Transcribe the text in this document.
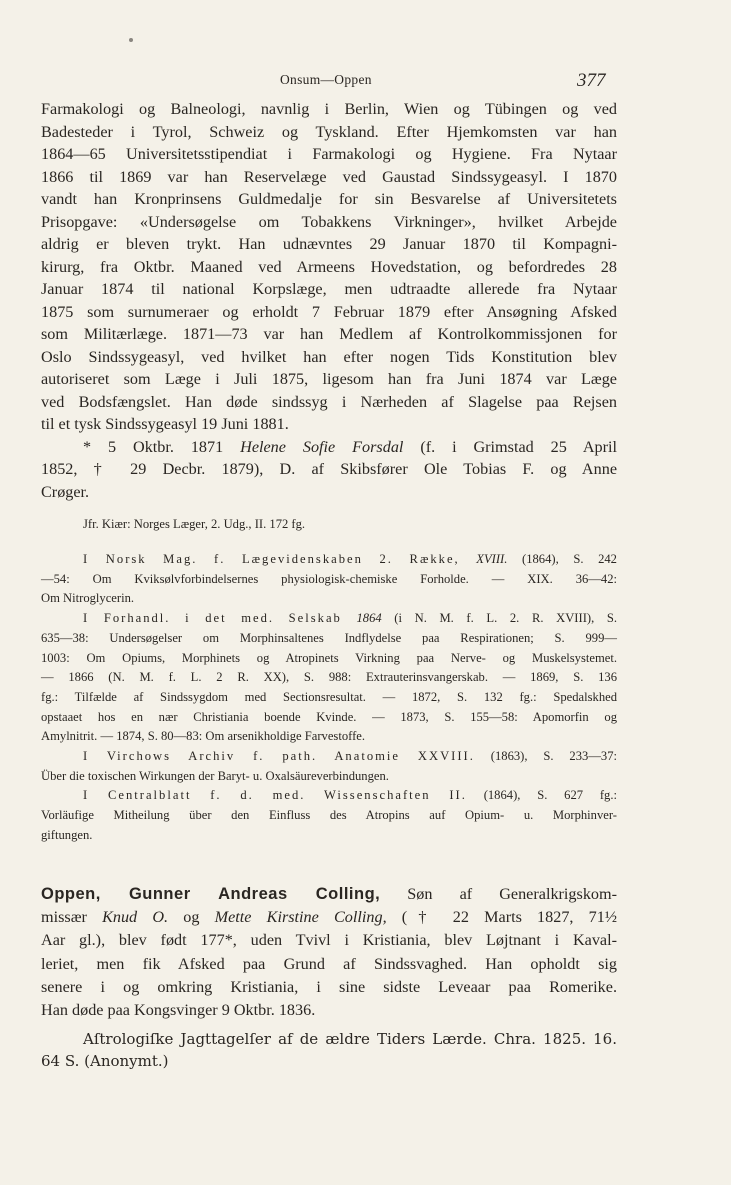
Onsum—Oppen	377
Farmakologi og Balneologi, navnlig i Berlin, Wien og Tübingen og ved
Badesteder i Tyrol, Schweiz og Tyskland. Efter Hjemkomsten var han
1864—65 Universitetsstipendiat i Farmakologi og Hygiene. Fra Nytaar
1866 til 1869 var han Reservelæge ved Gaustad Sindssygeasyl. I 1870
vandt han Kronprinsens Guldmedalje for sin Besvarelse af Universitetets
Prisopgave: «Undersøgelse om Tobakkens Virkninger», hvilket Arbejde
aldrig er bleven trykt. Han udnævntes 29 Januar 1870 til Kompagni-
kirurg, fra Oktbr. Maaned ved Armeens Hovedstation, og befordredes 28
Januar 1874 til national Korpslæge, men udtraadte allerede fra Nytaar
1875 som surnumeraer og erholdt 7 Februar 1879 efter Ansøgning Afsked
som Militærlæge. 1871—73 var han Medlem af Kontrolkommissjonen for
Oslo Sindssygeasyl, ved hvilket han efter nogen Tids Konstitution blev
autoriseret som Læge i Juli 1875, ligesom han fra Juni 1874 var Læge
ved Bodsfængslet. Han døde sindssyg i Nærheden af Slagelse paa Rejsen
til et tysk Sindssygeasyl 19 Juni 1881.
* 5 Oktbr. 1871 Helene Sofie Forsdal (f. i Grimstad 25 April
1852, † 29 Decbr. 1879), D. af Skibsfører Ole Tobias F. og Anne
Crøger.
Jfr. Kiær: Norges Læger, 2. Udg., II. 172 fg.
I Norsk Mag. f. Lægevidenskaben 2. Række, XVIII. (1864), S. 242
—54: Om Kviksølvforbindelsernes physiologisk-chemiske Forholde. — XIX. 36—42:
Om Nitroglycerin.
I Forhandl. i det med. Selskab 1864 (i N. M. f. L. 2. R. XVIII), S.
635—38: Undersøgelser om Morphinsaltenes Indflydelse paa Respirationen; S. 999—
1003: Om Opiums, Morphinets og Atropinets Virkning paa Nerve- og Muskelsystemet.
— 1866 (N. M. f. L. 2 R. XX), S. 988: Extrauterinsvangerskab. — 1869, S. 136
fg.: Tilfælde af Sindssygdom med Sectionsresultat. — 1872, S. 132 fg.: Spedalskhed
opstaaet hos en nær Christiania boende Kvinde. — 1873, S. 155—58: Apomorfin og
Amylnitrit. — 1874, S. 80—83: Om arsenikholdige Farvestoffe.
I Virchows Archiv f. path. Anatomie XXVIII. (1863), S. 233—37:
Über die toxischen Wirkungen der Baryt- u. Oxalsäureverbindungen.
I Centralblatt f. d. med. Wissenschaften II. (1864), S. 627 fg.:
Vorläufige Mitheilung über den Einfluss des Atropins auf Opium- u. Morphinver-
giftungen.
Oppen, Gunner Andreas Colling, Søn af Generalkrigskom-
missær Knud O. og Mette Kirstine Colling, († 22 Marts 1827, 71½
Aar gl.), blev født 177*, uden Tvivl i Kristiania, blev Løjtnant i Kaval-
leriet, men fik Afsked paa Grund af Sindssvaghed. Han opholdt sig
senere i og omkring Kristiania, i sine sidste Leveaar paa Romerike.
Han døde paa Kongsvinger 9 Oktbr. 1836.
Aſtrologiſke Jagttagelſer af de ældre Tiders Lærde. Chra. 1825. 16.
64 S. (Anonymt.)
